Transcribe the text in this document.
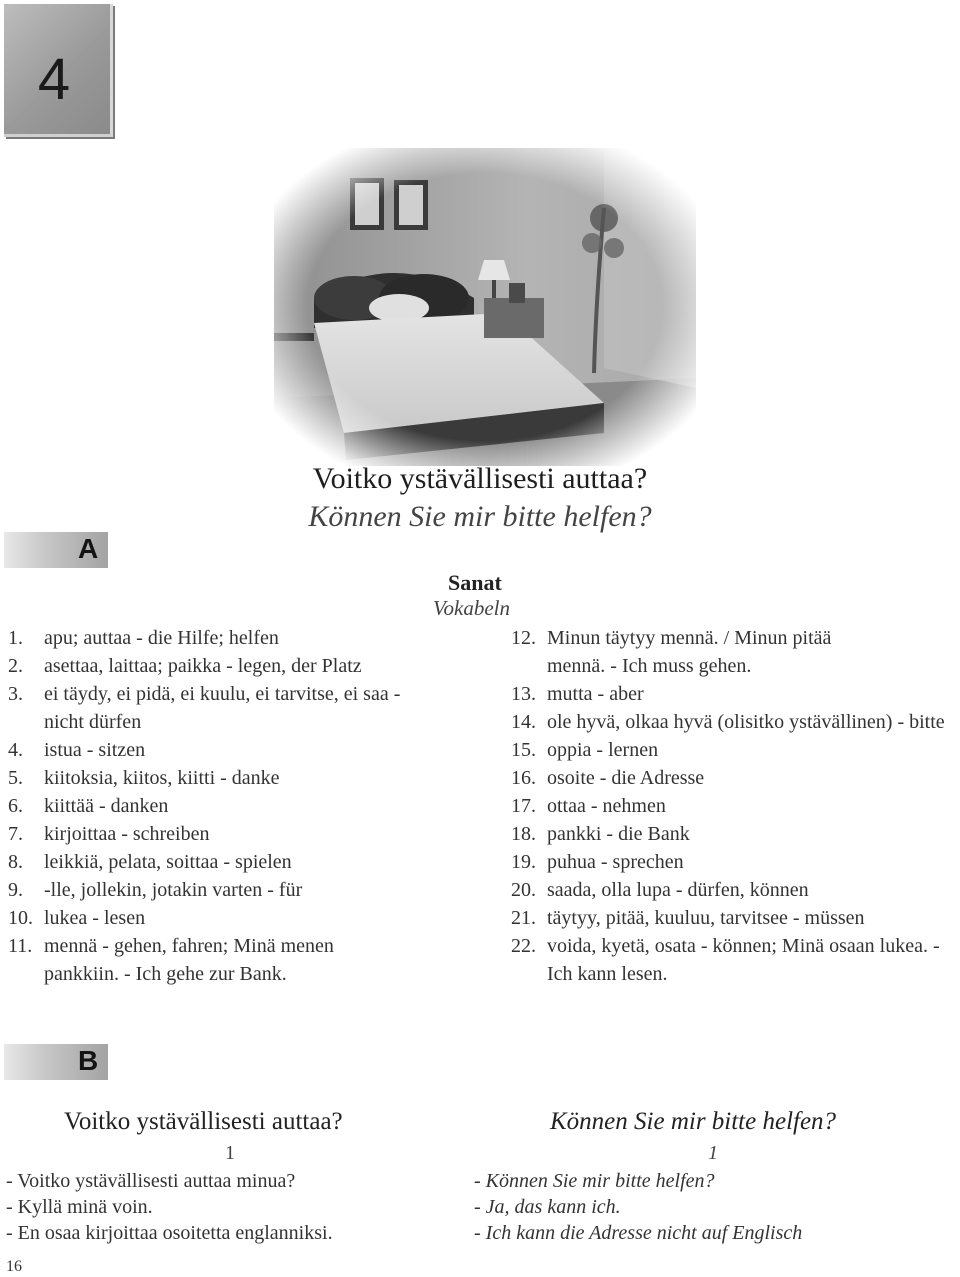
4
Voitko ystävällisesti auttaa?
Können Sie mir bitte helfen?
A
Sanat
Vokabeln
1. apu; auttaa - die Hilfe; helfen
2. asettaa, laittaa; paikka - legen, der Platz
3. ei täydy, ei pidä, ei kuulu, ei tarvitse, ei saa - nicht dürfen
4. istua - sitzen
5. kiitoksia, kiitos, kiitti - danke
6. kiittää - danken
7. kirjoittaa - schreiben
8. leikkiä, pelata, soittaa - spielen
9. -lle, jollekin, jotakin varten - für
10. lukea - lesen
11. mennä - gehen, fahren; Minä menen pankkiin. - Ich gehe zur Bank.
12. Minun täytyy mennä. / Minun pitää mennä. - Ich muss gehen.
13. mutta - aber
14. ole hyvä, olkaa hyvä (olisitko ystävällinen) - bitte
15. oppia - lernen
16. osoite - die Adresse
17. ottaa - nehmen
18. pankki - die Bank
19. puhua - sprechen
20. saada, olla lupa - dürfen, können
21. täytyy, pitää, kuuluu, tarvitsee - müssen
22. voida, kyetä, osata - können; Minä osaan lukea. - Ich kann lesen.
B
Voitko ystävällisesti auttaa?
1
- Voitko ystävällisesti auttaa minua?
- Kyllä minä voin.
- En osaa kirjoittaa osoitetta englanniksi.
Können Sie mir bitte helfen?
1
- Können Sie mir bitte helfen?
- Ja, das kann ich.
- Ich kann die Adresse nicht auf Englisch
16
